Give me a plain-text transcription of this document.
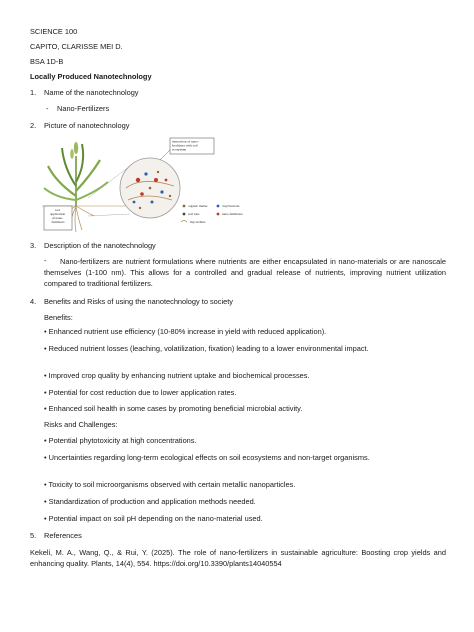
SCIENCE 100
CAPITO, CLARISSE MEI D.
BSA 1D-B
Locally Produced Nanotechnology
1. Name of the nanotechnology
- Nano-Fertilizers
2. Picture of nanotechnology
root application of nano- fertilizers
interaction of nano- fertilizers with soil ecosystem
organic matter	clay/bacteria
soil ions	nano-fertilizers
mycorrhiza
3. Description of the nanotechnology
-	Nano-fertilizers are nutrient formulations where nutrients are either encapsulated in nano-materials or are nanoscale themselves (1-100 nm). This allows for a controlled and gradual release of nutrients, improving nutrient utilization compared to traditional fertilizers.
4. Benefits and Risks of using the nanotechnology to society
Benefits:
• Enhanced nutrient use efficiency (10-80% increase in yield with reduced application).
• Reduced nutrient losses (leaching, volatilization, fixation) leading to a lower environmental impact.
• Improved crop quality by enhancing nutrient uptake and biochemical processes.
• Potential for cost reduction due to lower application rates.
• Enhanced soil health in some cases by promoting beneficial microbial activity.
Risks and Challenges:
• Potential phytotoxicity at high concentrations.
• Uncertainties regarding long-term ecological effects on soil ecosystems and non-target organisms.
• Toxicity to soil microorganisms observed with certain metallic nanoparticles.
• Standardization of production and application methods needed.
• Potential impact on soil pH depending on the nano-material used.
5. References
Kekeli, M. A., Wang, Q., & Rui, Y. (2025). The role of nano-fertilizers in sustainable agriculture: Boosting crop yields and enhancing quality. Plants, 14(4), 554. https://doi.org/10.3390/plants14040554
